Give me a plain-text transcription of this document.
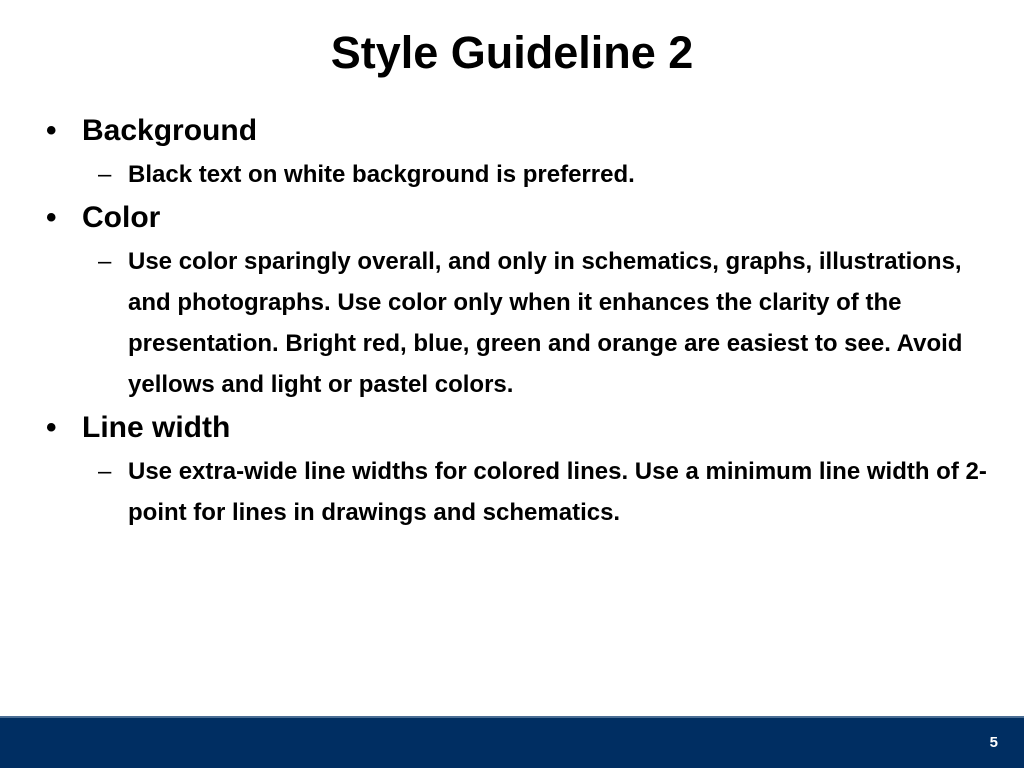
Style Guideline 2
• Background
– Black text on white background is preferred.
• Color
– Use color sparingly overall, and only in schematics, graphs, illustrations, and photographs. Use color only when it enhances the clarity of the presentation. Bright red, blue, green and orange are easiest to see. Avoid yellows and light or pastel colors.
• Line width
– Use extra-wide line widths for colored lines. Use a minimum line width of 2-point for lines in drawings and schematics.
5
